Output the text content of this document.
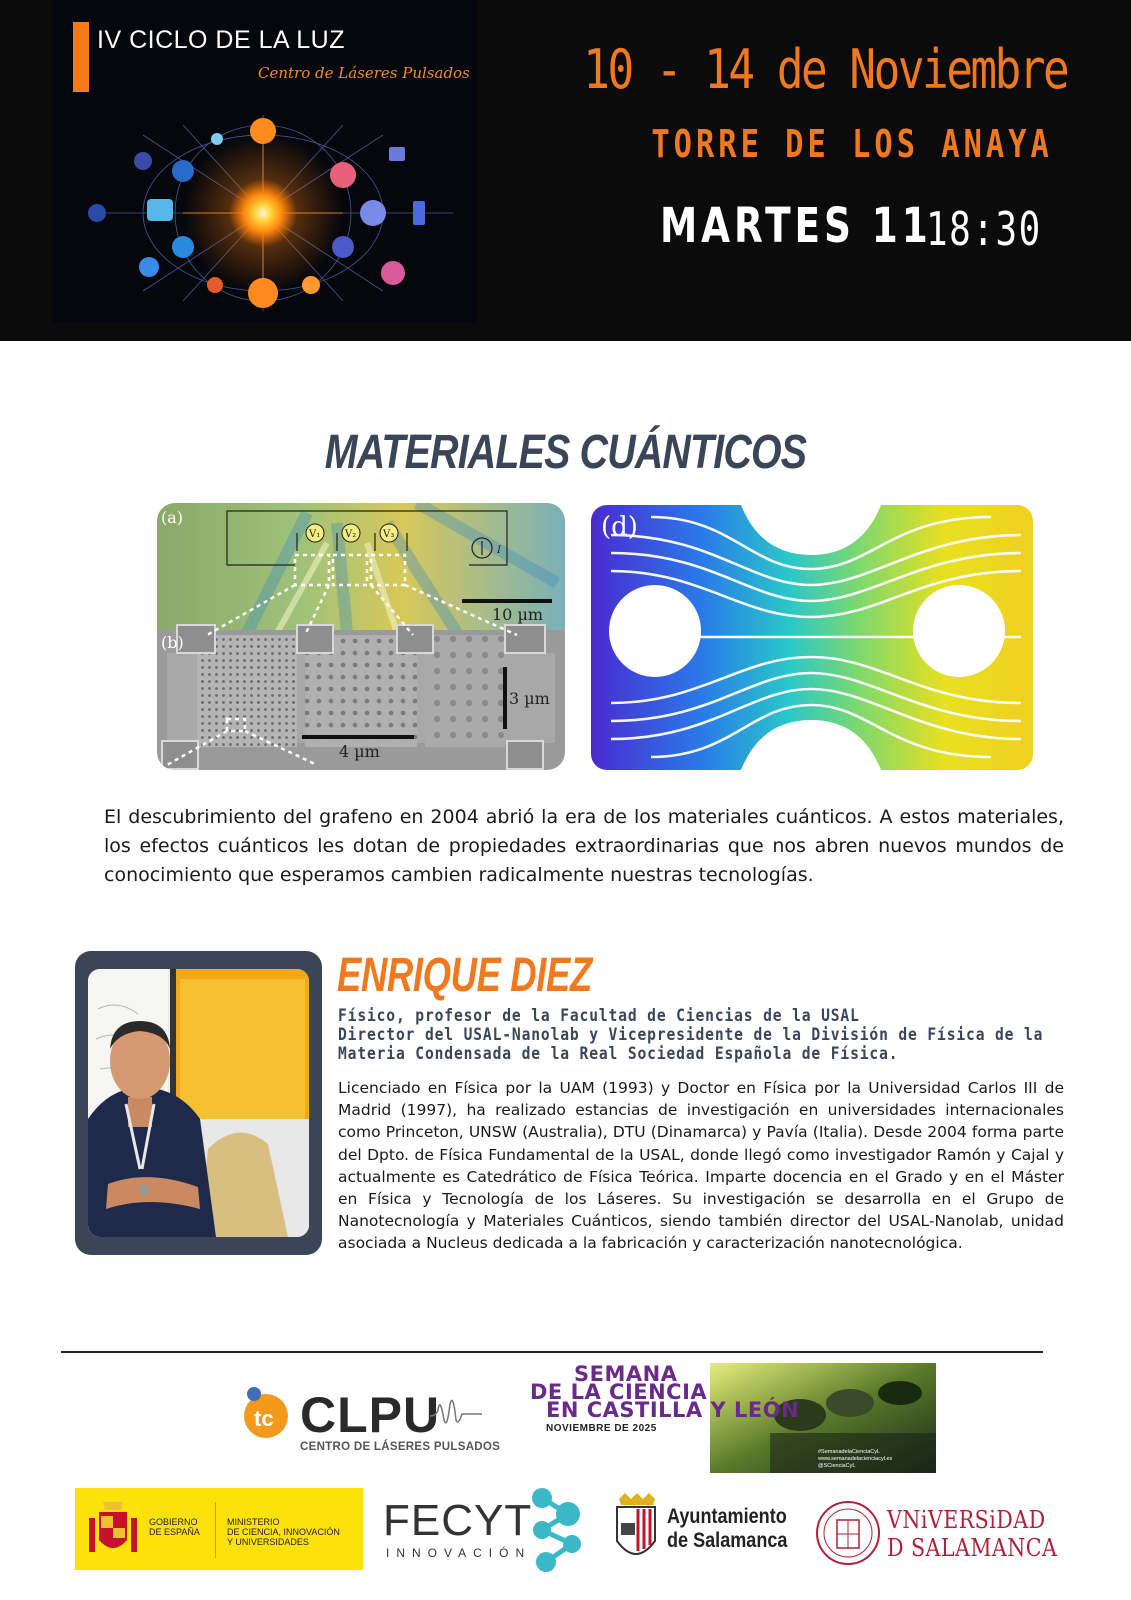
IV CICLO DE LA LUZ
Centro de Láseres Pulsados 10 - 14 de Noviembre
TORRE DE LOS ANAYA
MARTES 11
18:30
MATERIALES CUÁNTICOS
V₁ V₂	V₃
I
10 µm
3 µm
4 µm
(a)
(b)
(d)
El descubrimiento del grafeno en 2004 abrió la era de los materiales cuánticos. A estos materiales, los efectos cuánticos les dotan de propiedades extraordinarias que nos abren nuevos mundos de conocimiento que esperamos cambien radicalmente nuestras tecnologías.
ENRIQUE DIEZ
Físico, profesor de la Facultad de Ciencias de la USAL
Director del USAL-Nanolab y Vicepresidente de la División de Física de la
Materia Condensada de la Real Sociedad Española de Física.
Licenciado en Física por la UAM (1993) y Doctor en Física por la Universidad Carlos III de Madrid (1997), ha realizado estancias de investigación en universidades internacionales como Princeton, UNSW (Australia), DTU (Dinamarca) y Pavía (Italia). Desde 2004 forma parte del Dpto. de Física Fundamental de la USAL, donde llegó como investigador Ramón y Cajal y actualmente es Catedrático de Física Teórica. Imparte docencia en el Grado y en el Máster en Física y Tecnología de los Láseres. Su investigación se desarrolla en el Grupo de Nanotecnología y Materiales Cuánticos, siendo también director del USAL-Nanolab, unidad asociada a Nucleus dedicada a la fabricación y caracterización nanotecnológica.
tc CLPU
CENTRO DE LÁSERES PULSADOS
SEMANA
DE LA CIENCIA
EN CASTILLA Y LEÓN
NOVIEMBRE DE 2025
#SemanadelaCienciaCyL
www.semanadelacienciacyl.es
@SCienciaCyL
GOBIERNO
DE ESPAÑA
MINISTERIO
DE CIENCIA, INNOVACIÓN
Y UNIVERSIDADES FECYT
INNOVACIÓN
Ayuntamiento
de Salamanca
VNiVERSiDAD
D SALAMANCA
